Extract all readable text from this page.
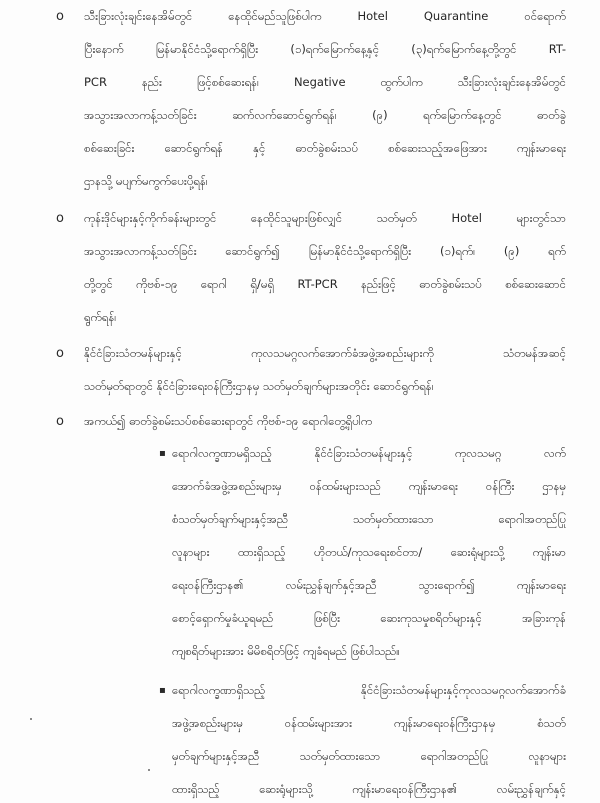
o သီးခြားလုံးချင်းနေအိမ်တွင် နေထိုင်မည်သူဖြစ်ပါက Hotel Quarantine ဝင်ရောက်
ပြီးနောက် မြန်မာနိုင်ငံသို့ရောက်ရှိပြီး (၁)ရက်မြောက်နေ့နှင့် (၃)ရက်မြောက်နေ့တို့တွင် RT-
PCR နည်း ဖြင့်စစ်ဆေးရန်၊ Negative ထွက်ပါက သီးခြားလုံးချင်းနေအိမ်တွင်
အသွားအလာကန့်သတ်ခြင်း ဆက်လက်ဆောင်ရွက်ရန်၊ (၉) ရက်မြောက်နေ့တွင် ဓာတ်ခွဲ
စစ်ဆေးခြင်း ဆောင်ရွက်ရန် နှင့် ဓာတ်ခွဲစမ်းသပ် စစ်ဆေးသည့်အဖြေအား ကျန်းမာရေး
ဌာနသို့ မပျက်မကွက်ပေးပို့ရန်၊
o ကုန်းဒိုင်များနှင့်ကိုက်ခန်းများတွင် နေထိုင်သူများဖြစ်လျှင် သတ်မှတ် Hotel များတွင်သာ
အသွားအလာကန့်သတ်ခြင်း ဆောင်ရွက်၍ မြန်မာနိုင်ငံသို့ရောက်ရှိပြီး (၁)ရက်၊ (၉) ရက်
တို့တွင် ကိုဗစ်-၁၉ ရောဂါ ရှိ/မရှိ RT-PCR နည်းဖြင့် ဓာတ်ခွဲစမ်းသပ် စစ်ဆေးဆောင်
ရွက်ရန်၊
o နိုင်ငံခြားသံတမန်များနှင့် ကုလသမဂ္ဂလက်အောက်ခံအဖွဲ့အစည်းများကို သံတမန်အဆင့်
သတ်မှတ်ရာတွင် နိုင်ငံခြားရေးဝန်ကြီးဌာနမှ သတ်မှတ်ချက်များအတိုင်း ဆောင်ရွက်ရန်၊
o အကယ်၍ ဓာတ်ခွဲစမ်းသပ်စစ်ဆေးရာတွင် ကိုဗစ်-၁၉ ရောဂါတွေ့ရှိပါက
▪ ရောဂါလက္ခဏာမရှိသည့် နိုင်ငံခြားသံတမန်များနှင့် ကုလသမဂ္ဂ လက်
အောက်ခံအဖွဲ့အစည်းများမှ ဝန်ထမ်းများသည် ကျန်းမာရေး ဝန်ကြီး ဌာနမှ
စံသတ်မှတ်ချက်များနှင့်အညီ သတ်မှတ်ထားသော ရောဂါအတည်ပြု
လူနာများ ထားရှိသည့် ဟိုတယ်/ကုသရေးစင်တာ/ ဆေးရုံများသို့ ကျန်းမာ
ရေးဝန်ကြီးဌာန၏ လမ်းညွှန်ချက်နှင့်အညီ သွားရောက်၍ ကျန်းမာရေး
စောင့်ရှောက်မှုခံယူရမည် ဖြစ်ပြီး ဆေးကုသမှုစရိတ်များနှင့် အခြားကုန်
ကျစရိတ်များအား မိမိစရိတ်ဖြင့် ကျခံရမည် ဖြစ်ပါသည်။
▪ ရောဂါလက္ခဏာရှိသည့် နိုင်ငံခြားသံတမန်များနှင့်ကုလသမဂ္ဂလက်အောက်ခံ
အဖွဲ့အစည်းများမှ ဝန်ထမ်းများအား ကျန်းမာရေးဝန်ကြီးဌာနမှ စံသတ်
မှတ်ချက်များနှင့်အညီ သတ်မှတ်ထားသော ရောဂါအတည်ပြု လူနာများ
ထားရှိသည့် ဆေးရုံများသို့ ကျန်းမာရေးဝန်ကြီးဌာန၏ လမ်းညွှန်ချက်နှင့်
